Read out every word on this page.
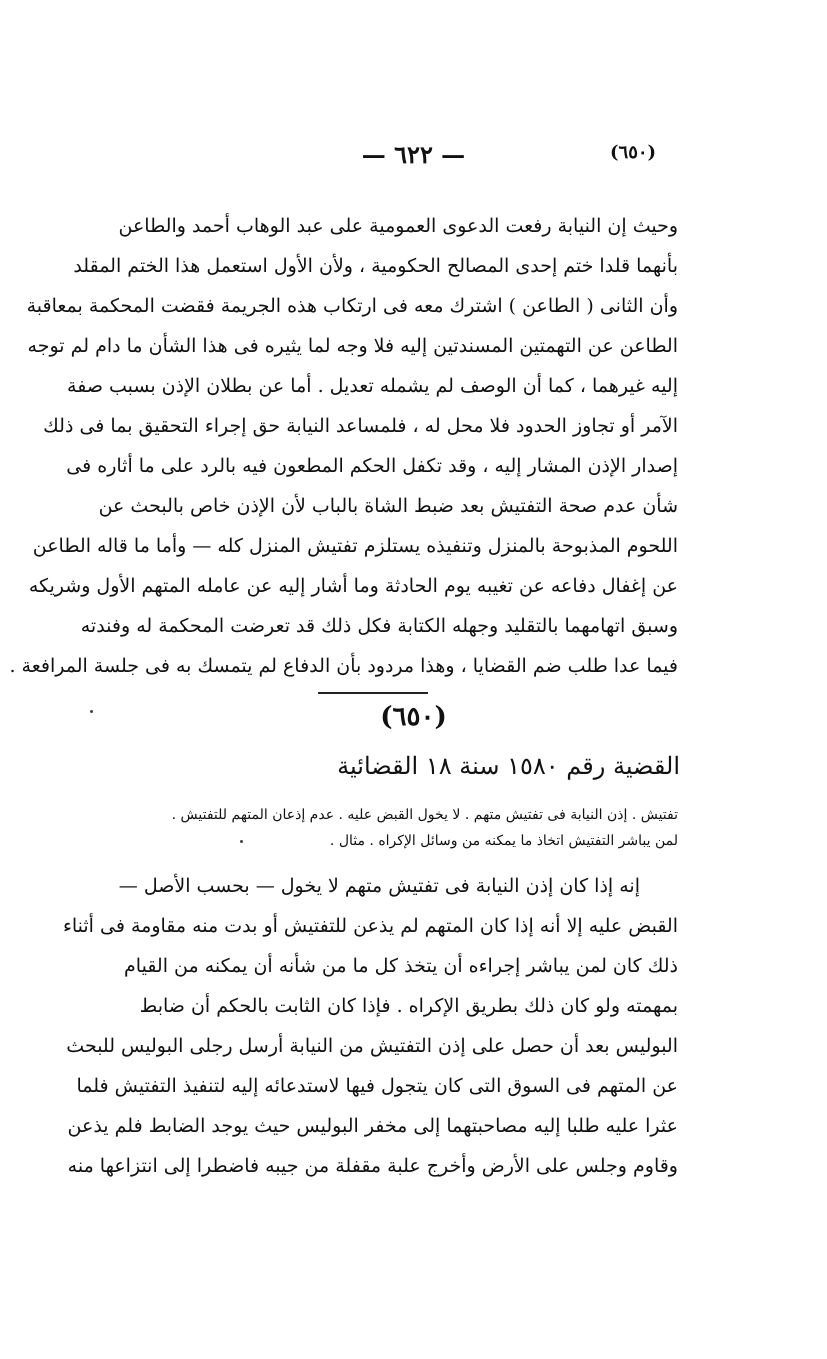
— ٦٢٢ —	(٦٥٠)
وحيث إن النيابة رفعت الدعوى العمومية على عبد الوهاب أحمد والطاعن
بأنهما قلدا ختم إحدى المصالح الحكومية ، ولأن الأول استعمل هذا الختم المقلد
وأن الثانى ( الطاعن ) اشترك معه فى ارتكاب هذه الجريمة فقضت المحكمة بمعاقبة
الطاعن عن التهمتين المسندتين إليه فلا وجه لما يثيره فى هذا الشأن ما دام لم توجه
إليه غيرهما ، كما أن الوصف لم يشمله تعديل . أما عن بطلان الإذن بسبب صفة
الآمر أو تجاوز الحدود فلا محل له ، فلمساعد النيابة حق إجراء التحقيق بما فى ذلك
إصدار الإذن المشار إليه ، وقد تكفل الحكم المطعون فيه بالرد على ما أثاره فى
شأن عدم صحة التفتيش بعد ضبط الشاة بالباب لأن الإذن خاص بالبحث عن
اللحوم المذبوحة بالمنزل وتنفيذه يستلزم تفتيش المنزل كله — وأما ما قاله الطاعن
عن إغفال دفاعه عن تغيبه يوم الحادثة وما أشار إليه عن عامله المتهم الأول وشريكه
وسبق اتهامهما بالتقليد وجهله الكتابة فكل ذلك قد تعرضت المحكمة له وفندته
فيما عدا طلب ضم القضايا ، وهذا مردود بأن الدفاع لم يتمسك به فى جلسة المرافعة .
(٦٥٠)
القضية رقم ١٥٨٠ سنة ١٨ القضائية
تفتيش . إذن النيابة فى تفتيش متهم . لا يخول القبض عليه . عدم إذعان المتهم للتفتيش .
لمن يباشر التفتيش اتخاذ ما يمكنه من وسائل الإكراه . مثال .
إنه إذا كان إذن النيابة فى تفتيش متهم لا يخول — بحسب الأصل —
القبض عليه إلا أنه إذا كان المتهم لم يذعن للتفتيش أو بدت منه مقاومة فى أثناء
ذلك كان لمن يباشر إجراءه أن يتخذ كل ما من شأنه أن يمكنه من القيام
بمهمته ولو كان ذلك بطريق الإكراه . فإذا كان الثابت بالحكم أن ضابط
البوليس بعد أن حصل على إذن التفتيش من النيابة أرسل رجلى البوليس للبحث
عن المتهم فى السوق التى كان يتجول فيها لاستدعائه إليه لتنفيذ التفتيش فلما
عثرا عليه طلبا إليه مصاحبتهما إلى مخفر البوليس حيث يوجد الضابط فلم يذعن
وقاوم وجلس على الأرض وأخرج علبة مقفلة من جيبه فاضطرا إلى انتزاعها منه
